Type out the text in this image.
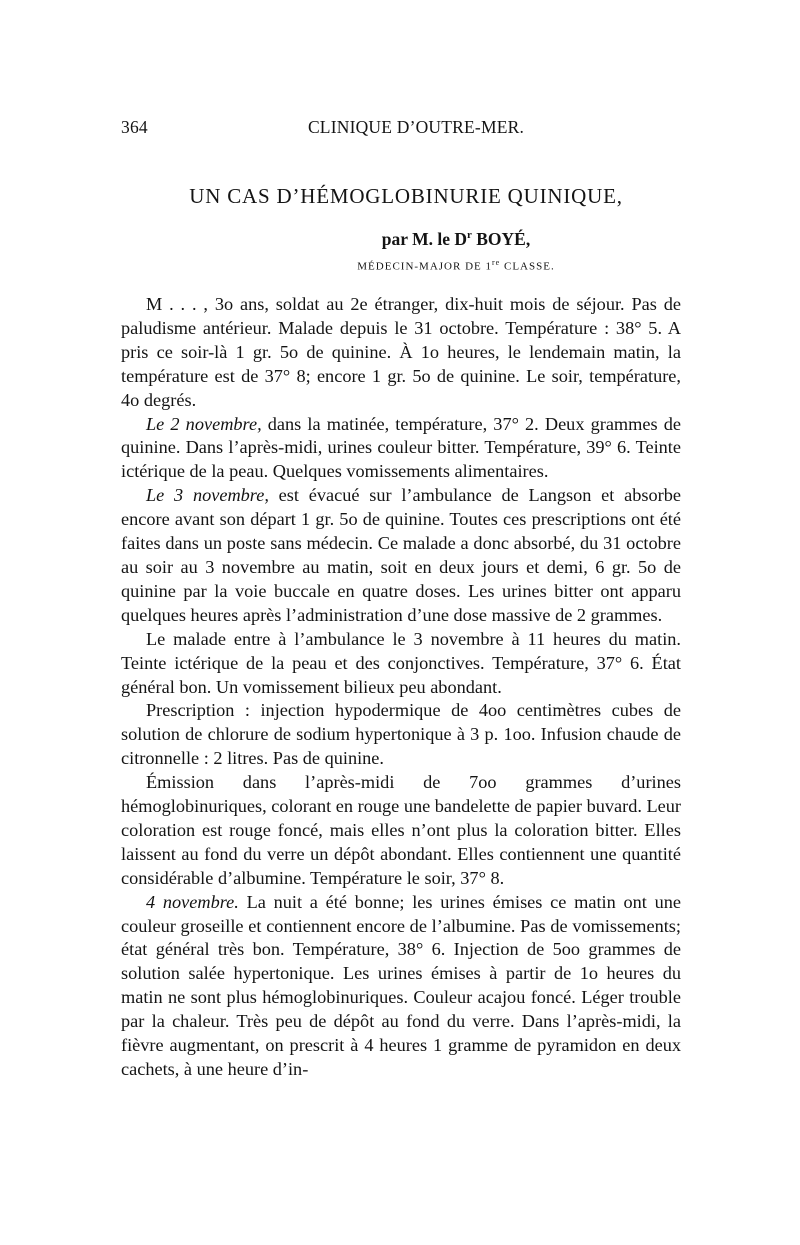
364	CLINIQUE D’OUTRE-MER.
UN CAS D’HÉMOGLOBINURIE QUINIQUE,
par M. le $D^r$ BOYÉ,
MÉDECIN-MAJOR DE 1re CLASSE.

M . . . , 3o ans, soldat au 2e étranger, dix-huit mois de séjour. Pas de paludisme antérieur. Malade depuis le 31 octobre. Température : 38° 5. A pris ce soir-là 1 gr. 5o de quinine. À 1o heures, le lendemain matin, la température est de 37° 8; encore 1 gr. 5o de quinine. Le soir, température, 4o degrés.

Le 2 novembre, dans la matinée, température, 37° 2. Deux grammes de quinine. Dans l’après-midi, urines couleur bitter. Température, 39° 6. Teinte ictérique de la peau. Quelques vomissements alimentaires.

Le 3 novembre, est évacué sur l’ambulance de Langson et absorbe encore avant son départ 1 gr. 5o de quinine. Toutes ces prescriptions ont été faites dans un poste sans médecin. Ce malade a donc absorbé, du 31 octobre au soir au 3 novembre au matin, soit en deux jours et demi, 6 gr. 5o de quinine par la voie buccale en quatre doses. Les urines bitter ont apparu quelques heures après l’administration d’une dose massive de 2 grammes.

Le malade entre à l’ambulance le 3 novembre à 11 heures du matin. Teinte ictérique de la peau et des conjonctives. Température, 37° 6. État général bon. Un vomissement bilieux peu abondant.

Prescription : injection hypodermique de 4oo centimètres cubes de solution de chlorure de sodium hypertonique à 3 p. 1oo. Infusion chaude de citronnelle : 2 litres. Pas de quinine.

Émission dans l’après-midi de 7oo grammes d’urines hémoglobinuriques, colorant en rouge une bandelette de papier buvard. Leur coloration est rouge foncé, mais elles n’ont plus la coloration bitter. Elles laissent au fond du verre un dépôt abondant. Elles contiennent une quantité considérable d’albumine. Température le soir, 37° 8.

4 novembre. La nuit a été bonne; les urines émises ce matin ont une couleur groseille et contiennent encore de l’albumine. Pas de vomissements; état général très bon. Température, 38° 6. Injection de 5oo grammes de solution salée hypertonique. Les urines émises à partir de 1o heures du matin ne sont plus hémoglobinuriques. Couleur acajou foncé. Léger trouble par la chaleur. Très peu de dépôt au fond du verre. Dans l’après-midi, la fièvre augmentant, on prescrit à 4 heures 1 gramme de pyramidon en deux cachets, à une heure d’in-
